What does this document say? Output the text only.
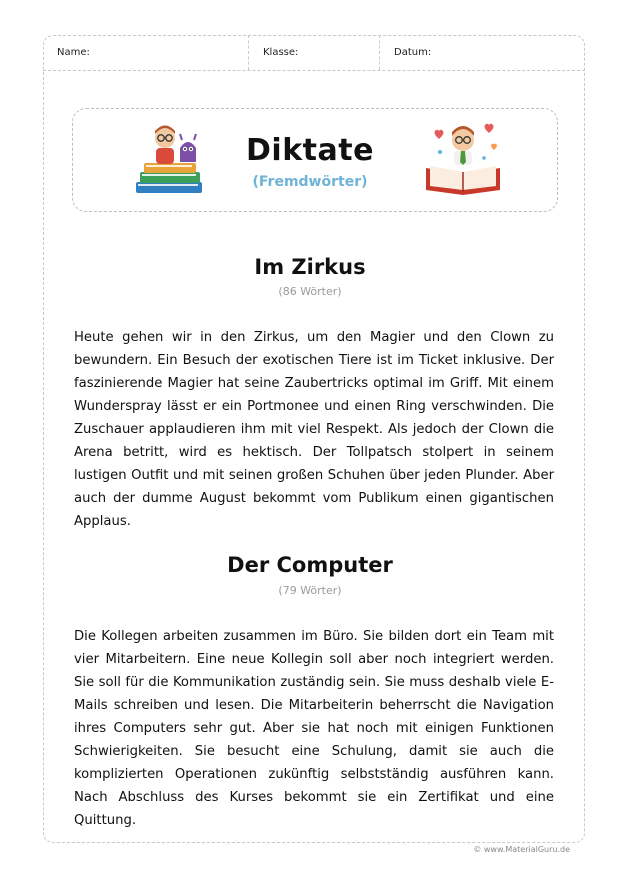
Name:	Klasse:	Datum:
Diktate
(Fremdwörter)
Im Zirkus
(86 Wörter)
Heute gehen wir in den Zirkus, um den Magier und den Clown zu bewundern. Ein Besuch der exotischen Tiere ist im Ticket inklusive. Der faszinierende Magier hat seine Zaubertricks optimal im Griff. Mit einem Wunderspray lässt er ein Portmonee und einen Ring verschwinden. Die Zuschauer applaudieren ihm mit viel Respekt. Als jedoch der Clown die Arena betritt, wird es hektisch. Der Tollpatsch stolpert in seinem lustigen Outfit und mit seinen großen Schuhen über jeden Plunder. Aber auch der dumme August bekommt vom Publikum einen gigantischen Applaus.
Der Computer
(79 Wörter)
Die Kollegen arbeiten zusammen im Büro. Sie bilden dort ein Team mit vier Mitarbeitern. Eine neue Kollegin soll aber noch integriert werden. Sie soll für die Kommunikation zuständig sein. Sie muss deshalb viele E-Mails schreiben und lesen. Die Mitarbeiterin beherrscht die Navigation ihres Computers sehr gut. Aber sie hat noch mit einigen Funktionen Schwierigkeiten. Sie besucht eine Schulung, damit sie auch die komplizierten Operationen zukünftig selbstständig ausführen kann. Nach Abschluss des Kurses bekommt sie ein Zertifikat und eine Quittung.
© www.MaterialGuru.de
